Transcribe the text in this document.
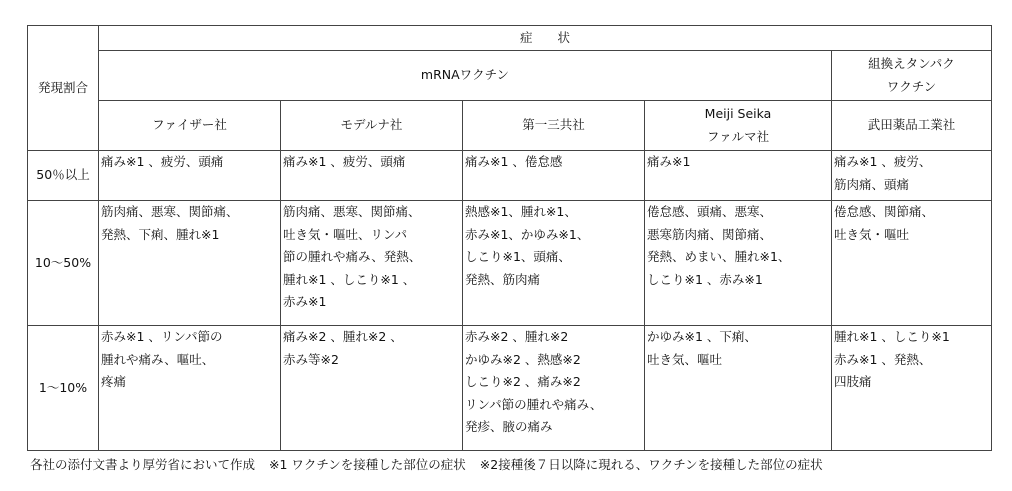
発現割合	症　　状				
	mRNAワクチン				組換えタンパク
ワクチン

	ファイザー社	モデルナ社	第一三共社	Meiji Seika
ファルマ社	武田薬品工業社

50％以上	痛み※1 、疲労、頭痛	痛み※1 、疲労、頭痛	痛み※1 、倦怠感	痛み※1	痛み※1 、疲労、
筋肉痛、頭痛

10〜50%	筋肉痛、悪寒、関節痛、
発熱、下痢、腫れ※1	筋肉痛、悪寒、関節痛、
吐き気・嘔吐、リンパ
節の腫れや痛み、発熱、
腫れ※1 、しこり※1 、
赤み※1	熱感※1、腫れ※1、
赤み※1、かゆみ※1、
しこり※1、頭痛、
発熱、筋肉痛	倦怠感、頭痛、悪寒、
悪寒筋肉痛、関節痛、
発熱、めまい、腫れ※1、
しこり※1 、赤み※1	倦怠感、関節痛、
吐き気・嘔吐

1〜10%	赤み※1 、リンパ節の
腫れや痛み、嘔吐、
疼痛	痛み※2 、腫れ※2 、
赤み等※2	赤み※2 、腫れ※2
かゆみ※2 、熱感※2
しこり※2 、痛み※2
リンパ節の腫れや痛み、
発疹、腋の痛み	かゆみ※1 、下痢、
吐き気、嘔吐	腫れ※1 、しこり※1
赤み※1 、発熱、
四肢痛
各社の添付文書より厚労省において作成 ※1 ワクチンを接種した部位の症状 ※2接種後７日以降に現れる、ワクチンを接種した部位の症状
